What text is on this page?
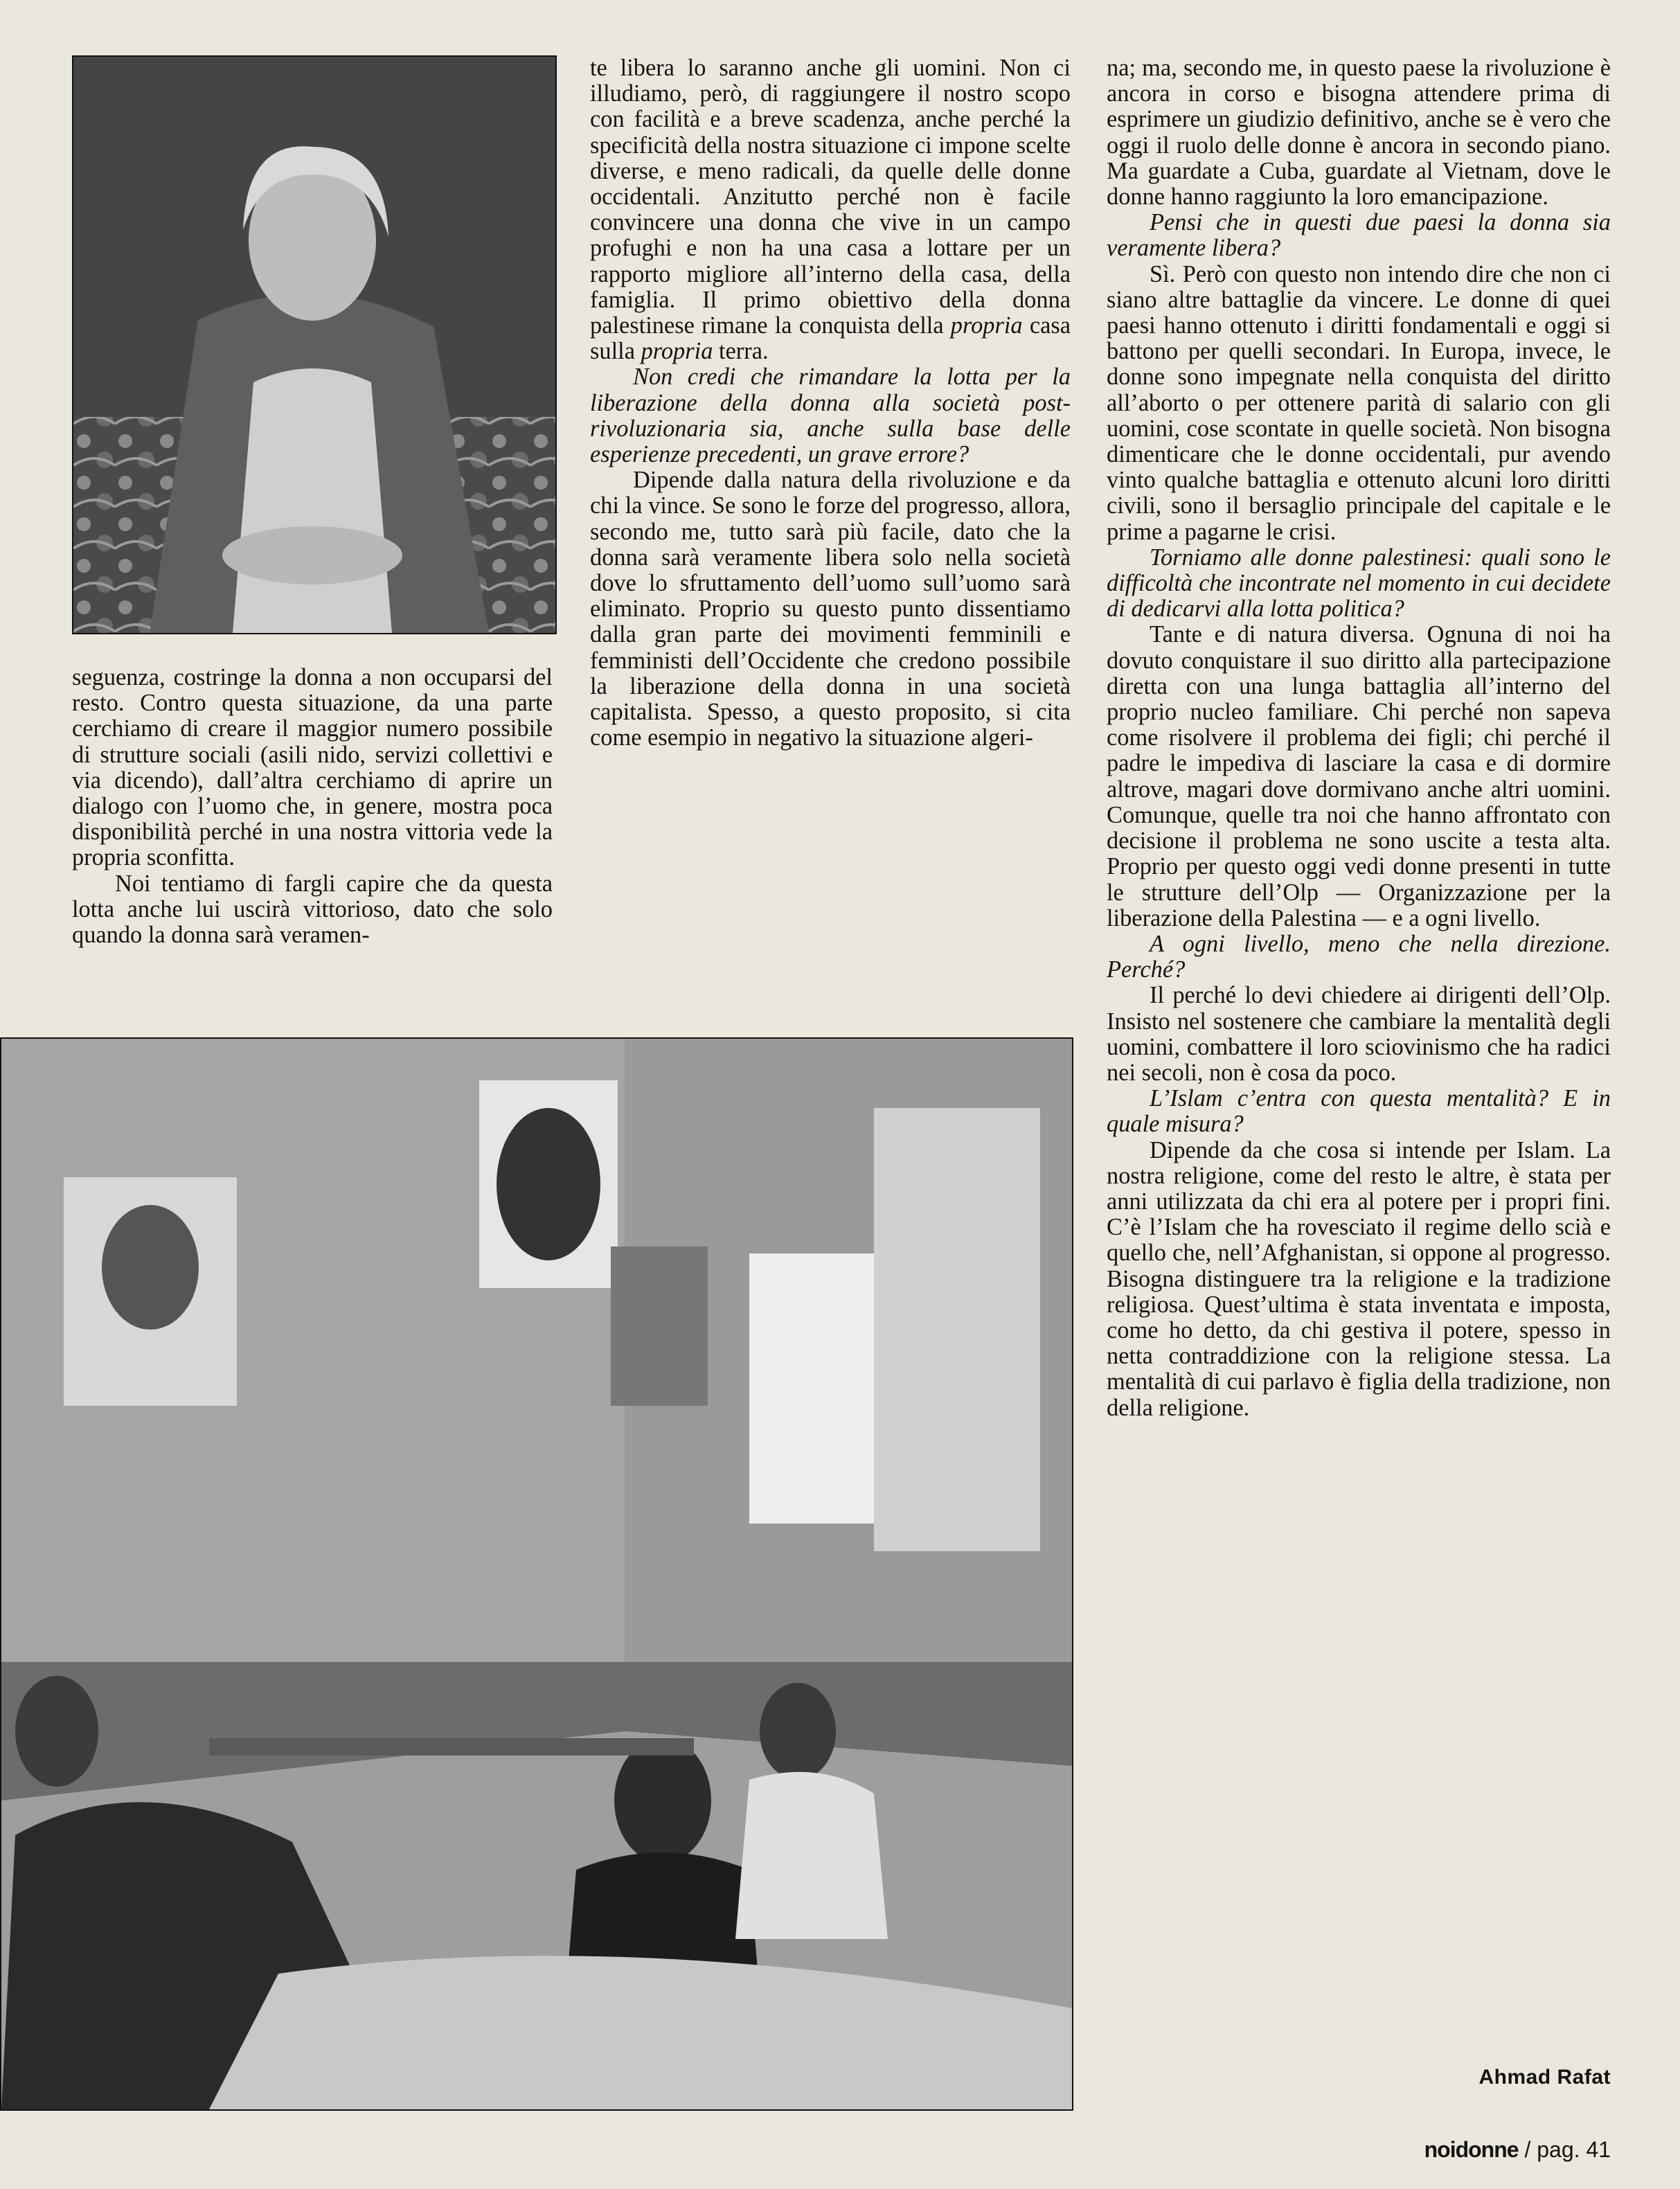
seguenza, costringe la donna a non occuparsi del resto. Contro questa situazione, da una parte cerchiamo di creare il maggior numero possibile di strutture sociali (asili nido, servizi collettivi e via dicendo), dall’altra cerchiamo di aprire un dialogo con l’uomo che, in genere, mostra poca disponibilità perché in una nostra vittoria vede la propria sconfitta.

Noi tentiamo di fargli capire che da questa lotta anche lui uscirà vittorioso, dato che solo quando la donna sarà veramen-

te libera lo saranno anche gli uomini. Non ci illudiamo, però, di raggiungere il nostro scopo con facilità e a breve scadenza, anche perché la specificità della nostra situazione ci impone scelte diverse, e meno radicali, da quelle delle donne occidentali. Anzitutto perché non è facile convincere una donna che vive in un campo profughi e non ha una casa a lottare per un rapporto migliore all’interno della casa, della famiglia. Il primo obiettivo della donna palestinese rimane la conquista della propria casa sulla propria terra.

Non credi che rimandare la lotta per la liberazione della donna alla società post-rivoluzionaria sia, anche sulla base delle esperienze precedenti, un grave errore?

Dipende dalla natura della rivoluzione e da chi la vince. Se sono le forze del progresso, allora, secondo me, tutto sarà più facile, dato che la donna sarà veramente libera solo nella società dove lo sfruttamento dell’uomo sull’uomo sarà eliminato. Proprio su questo punto dissentiamo dalla gran parte dei movimenti femminili e femministi dell’Occidente che credono possibile la liberazione della donna in una società capitalista. Spesso, a questo proposito, si cita come esempio in negativo la situazione algeri-

na; ma, secondo me, in questo paese la rivoluzione è ancora in corso e bisogna attendere prima di esprimere un giudizio definitivo, anche se è vero che oggi il ruolo delle donne è ancora in secondo piano. Ma guardate a Cuba, guardate al Vietnam, dove le donne hanno raggiunto la loro emancipazione.

Pensi che in questi due paesi la donna sia veramente libera?

Sì. Però con questo non intendo dire che non ci siano altre battaglie da vincere. Le donne di quei paesi hanno ottenuto i diritti fondamentali e oggi si battono per quelli secondari. In Europa, invece, le donne sono impegnate nella conquista del diritto all’aborto o per ottenere parità di salario con gli uomini, cose scontate in quelle società. Non bisogna dimenticare che le donne occidentali, pur avendo vinto qualche battaglia e ottenuto alcuni loro diritti civili, sono il bersaglio principale del capitale e le prime a pagarne le crisi.

Torniamo alle donne palestinesi: quali sono le difficoltà che incontrate nel momento in cui decidete di dedicarvi alla lotta politica?

Tante e di natura diversa. Ognuna di noi ha dovuto conquistare il suo diritto alla partecipazione diretta con una lunga battaglia all’interno del proprio nucleo familiare. Chi perché non sapeva come risolvere il problema dei figli; chi perché il padre le impediva di lasciare la casa e di dormire altrove, magari dove dormivano anche altri uomini. Comunque, quelle tra noi che hanno affrontato con decisione il problema ne sono uscite a testa alta. Proprio per questo oggi vedi donne presenti in tutte le strutture dell’Olp — Organizzazione per la liberazione della Palestina — e a ogni livello.

A ogni livello, meno che nella direzione. Perché?

Il perché lo devi chiedere ai dirigenti dell’Olp. Insisto nel sostenere che cambiare la mentalità degli uomini, combattere il loro sciovinismo che ha radici nei secoli, non è cosa da poco.

L’Islam c’entra con questa mentalità? E in quale misura?

Dipende da che cosa si intende per Islam. La nostra religione, come del resto le altre, è stata per anni utilizzata da chi era al potere per i propri fini. C’è l’Islam che ha rovesciato il regime dello scià e quello che, nell’Afghanistan, si oppone al progresso. Bisogna distinguere tra la religione e la tradizione religiosa. Quest’ultima è stata inventata e imposta, come ho detto, da chi gestiva il potere, spesso in netta contraddizione con la religione stessa. La mentalità di cui parlavo è figlia della tradizione, non della religione.

Ahmad Rafat
noidonne / pag. 41
